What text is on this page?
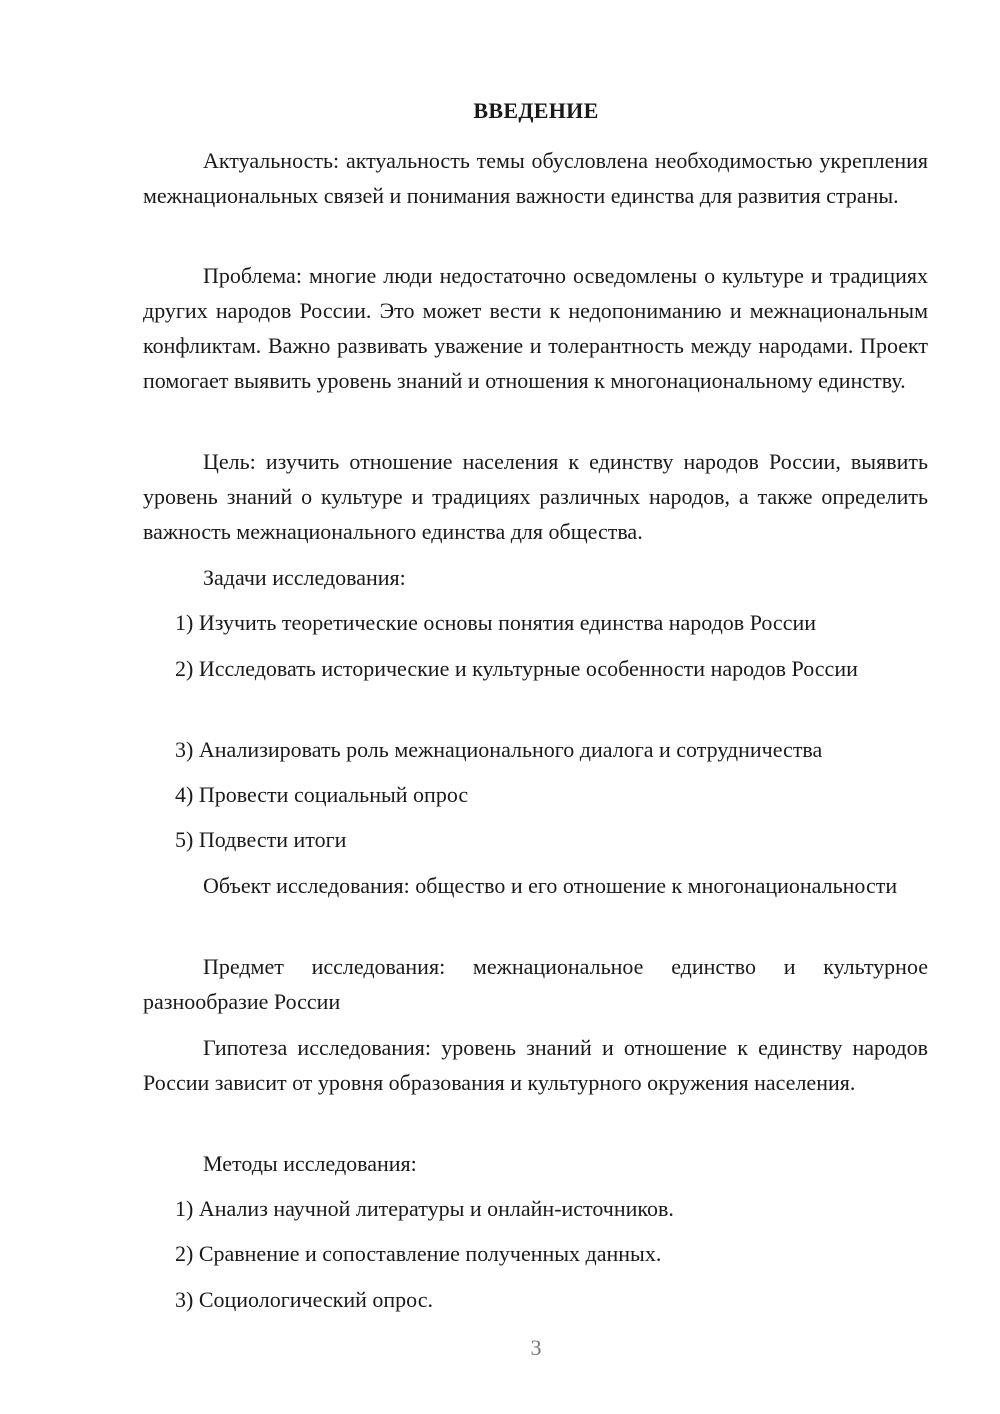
ВВЕДЕНИЕ

Актуальность: актуальность темы обусловлена необходимостью укрепления межнациональных связей и понимания важности единства для развития страны.

Проблема: многие люди недостаточно осведомлены о культуре и традициях других народов России. Это может вести к недопониманию и межнациональным конфликтам. Важно развивать уважение и толерантность между народами. Проект помогает выявить уровень знаний и отношения к многонациональному единству.

Цель: изучить отношение населения к единству народов России, выявить уровень знаний о культуре и традициях различных народов, а также определить важность межнационального единства для общества.

Задачи исследования:

1) Изучить теоретические основы понятия единства народов России

2) Исследовать исторические и культурные особенности народов России

3) Анализировать роль межнационального диалога и сотрудничества

4) Провести социальный опрос

5) Подвести итоги

Объект исследования: общество и его отношение к многонациональности

Предмет исследования: межнациональное единство и культурное разнообразие России

Гипотеза исследования: уровень знаний и отношение к единству народов России зависит от уровня образования и культурного окружения населения.

Методы исследования:

1) Анализ научной литературы и онлайн-источников.

2) Сравнение и сопоставление полученных данных.

3) Социологический опрос.

3
